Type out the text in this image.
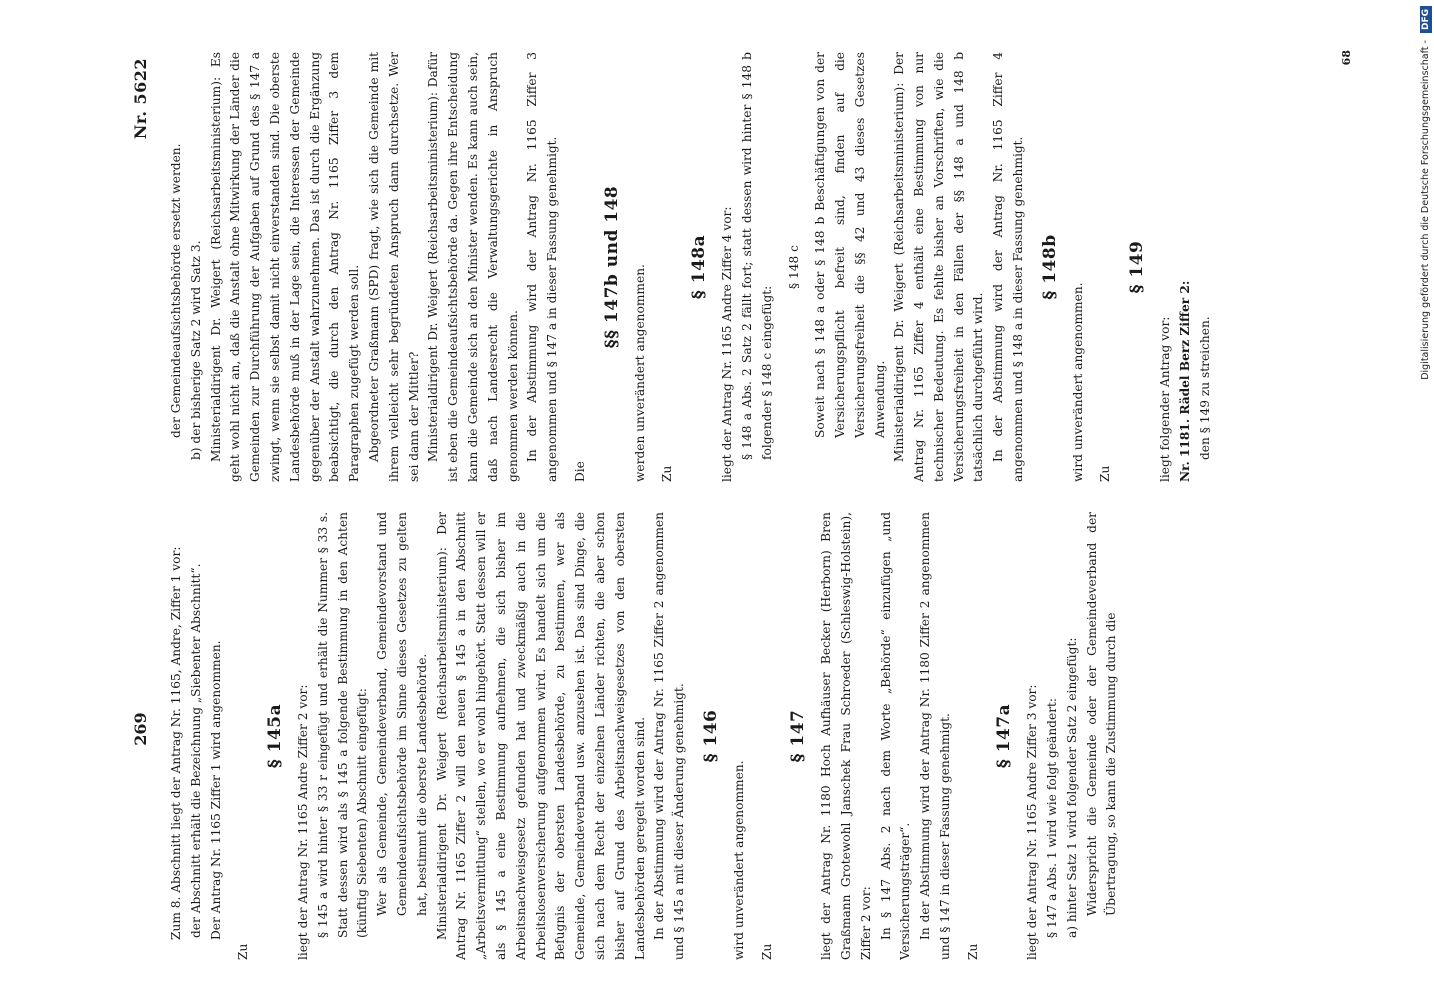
269
Nr. 5622

Zum 8. Abschnitt liegt der Antrag Nr. 1165, Andre, Ziffer 1 vor: der Abschnitt erhält die Bezeichnung „Siebenter Abschnitt“. Der Antrag Nr. 1165 Ziffer 1 wird angenommen.

Zu
§ 145a liegt der Antrag Nr. 1165 Andre Ziffer 2 vor: § 145 a wird hinter § 33 r eingefügt und erhält die Nummer § 33 s. Statt dessen wird als § 145 a folgende Bestimmung in den Achten (künftig Siebenten) Abschnitt eingefügt: Wer als Gemeinde, Gemeindeverband, Gemeindevorstand und Gemeindeaufsichtsbehörde im Sinne dieses Gesetzes zu gelten hat, bestimmt die oberste Landesbehörde. Ministerialdirigent Dr. Weigert (Reichsarbeitsministerium): Der Antrag Nr. 1165 Ziffer 2 will den neuen § 145 a in den Abschnitt „Arbeitsvermittlung“ stellen, wo er wohl hingehört. Statt dessen will er als § 145 a eine Bestimmung aufnehmen, die sich bisher im Arbeitsnachweisgesetz gefunden hat und zweckmäßig auch in die Arbeitslosenversicherung aufgenommen wird. Es handelt sich um die Befugnis der obersten Landesbehörde, zu bestimmen, wer als Gemeinde, Gemeindeverband usw. anzusehen ist. Das sind Dinge, die sich nach dem Recht der einzelnen Länder richten, die aber schon bisher auf Grund des Arbeitsnachweisgesetzes von den obersten Landesbehörden geregelt worden sind. In der Abstimmung wird der Antrag Nr. 1165 Ziffer 2 angenommen und § 145 a mit dieser Änderung genehmigt. § 146

wird unverändert angenommen.	Zu
§ 147 liegt der Antrag Nr. 1180 Hoch Aufhäuser Becker (Herborn) Bren Graßmann Grotewohl Janschek Frau Schroeder (Schleswig-Holstein), Ziffer 2 vor: In § 147 Abs. 2 nach dem Worte „Behörde“ einzufügen „und Versicherungsträger“. In der Abstimmung wird der Antrag Nr. 1180 Ziffer 2 angenommen und § 147 in dieser Fassung genehmigt.	Zu
§ 147a liegt der Antrag Nr. 1165 Andre Ziffer 3 vor: § 147 a Abs. 1 wird wie folgt geändert: a) hinter Satz 1 wird folgender Satz 2 eingefügt: Widerspricht die Gemeinde oder der Gemeindeverband der Übertragung, so kann die Zustimmung durch die

der Gemeindeaufsichtsbehörde ersetzt werden. b) der bisherige Satz 2 wird Satz 3. Ministerialdirigent Dr. Weigert (Reichsarbeitsministerium): Es geht wohl nicht an, daß die Anstalt ohne Mitwirkung der Länder die Gemeinden zur Durchführung der Aufgaben auf Grund des § 147 a zwingt, wenn sie selbst damit nicht einverstanden sind. Die oberste Landesbehörde muß in der Lage sein, die Interessen der Gemeinde gegenüber der Anstalt wahrzunehmen. Das ist durch die Ergänzung beabsichtigt, die durch den Antrag Nr. 1165 Ziffer 3 dem Paragraphen zugefügt werden soll. Abgeordneter Graßmann (SPD) fragt, wie sich die Gemeinde mit ihrem vielleicht sehr begründeten Anspruch dann durchsetze. Wer sei dann der Mittler? Ministerialdirigent Dr. Weigert (Reichsarbeitsministerium): Dafür ist eben die Gemeindeaufsichtsbehörde da. Gegen ihre Entscheidung kann die Gemeinde sich an den Minister wenden. Es kann auch sein, daß nach Landesrecht die Verwaltungsgerichte in Anspruch genommen werden können. In der Abstimmung wird der Antrag Nr. 1165 Ziffer 3 angenommen und § 147 a in dieser Fassung genehmigt.	Die
§§ 147b und 148 werden unverändert angenommen.	Zu
§ 148a liegt der Antrag Nr. 1165 Andre Ziffer 4 vor: § 148 a Abs. 2 Satz 2 fällt fort; statt dessen wird hinter § 148 b folgender § 148 c eingefügt:

§ 148 c Soweit nach § 148 a oder § 148 b Beschäftigungen von der Versicherungspflicht befreit sind, finden auf die Versicherungsfreiheit die §§ 42 und 43 dieses Gesetzes Anwendung. Ministerialdirigent Dr. Weigert (Reichsarbeitsministerium): Der Antrag Nr. 1165 Ziffer 4 enthält eine Bestimmung von nur technischer Bedeutung. Es fehlte bisher an Vorschriften, wie die Versicherungsfreiheit in den Fällen der §§ 148 a und 148 b tatsächlich durchgeführt wird. In der Abstimmung wird der Antrag Nr. 1165 Ziffer 4 angenommen und § 148 a in dieser Fassung genehmigt. § 148b

wird unverändert angenommen.	Zu
§ 149

liegt folgender Antrag vor: Nr. 1181. Rädel Berz Ziffer 2: den § 149 zu streichen.

68	Digitalisierung gefördert durch die Deutsche Forschungsgemeinschaft - DFG
